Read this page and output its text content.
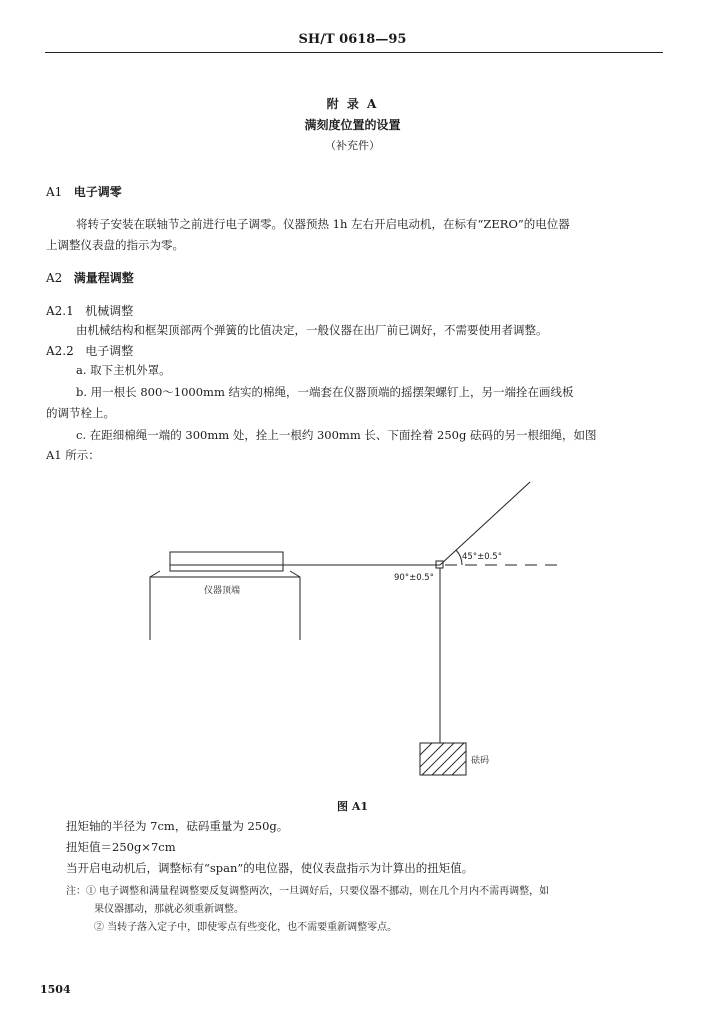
SH/T 0618—95
附 录 A
满刻度位置的设置
（补充件）
A1 电子调零
将转子安装在联轴节之前进行电子调零。仪器预热 1h 左右开启电动机，在标有“ZERO”的电位器
上调整仪表盘的指示为零。
A2 满量程调整
A2.1 机械调整
由机械结构和框架顶部两个弹簧的比值决定，一般仪器在出厂前已调好，不需要使用者调整。
A2.2 电子调整
a. 取下主机外罩。
b. 用一根长 800～1000mm 结实的棉绳，一端套在仪器顶端的摇摆架螺钉上，另一端拴在画线板
的调节栓上。
c. 在距细棉绳一端的 300mm 处，拴上一根约 300mm 长、下面拴着 250g 砝码的另一根细绳，如图
A1 所示：
仪器顶端
45°±0.5°
90°±0.5°
砝码
图 A1
扭矩轴的半径为 7cm，砝码重量为 250g。
扭矩值＝250g×7cm
当开启电动机后，调整标有“span”的电位器，使仪表盘指示为计算出的扭矩值。
注：① 电子调整和满量程调整要反复调整两次，一旦调好后，只要仪器不挪动，则在几个月内不需再调整，如
果仪器挪动，那就必须重新调整。
② 当转子落入定子中，即使零点有些变化，也不需要重新调整零点。
1504
